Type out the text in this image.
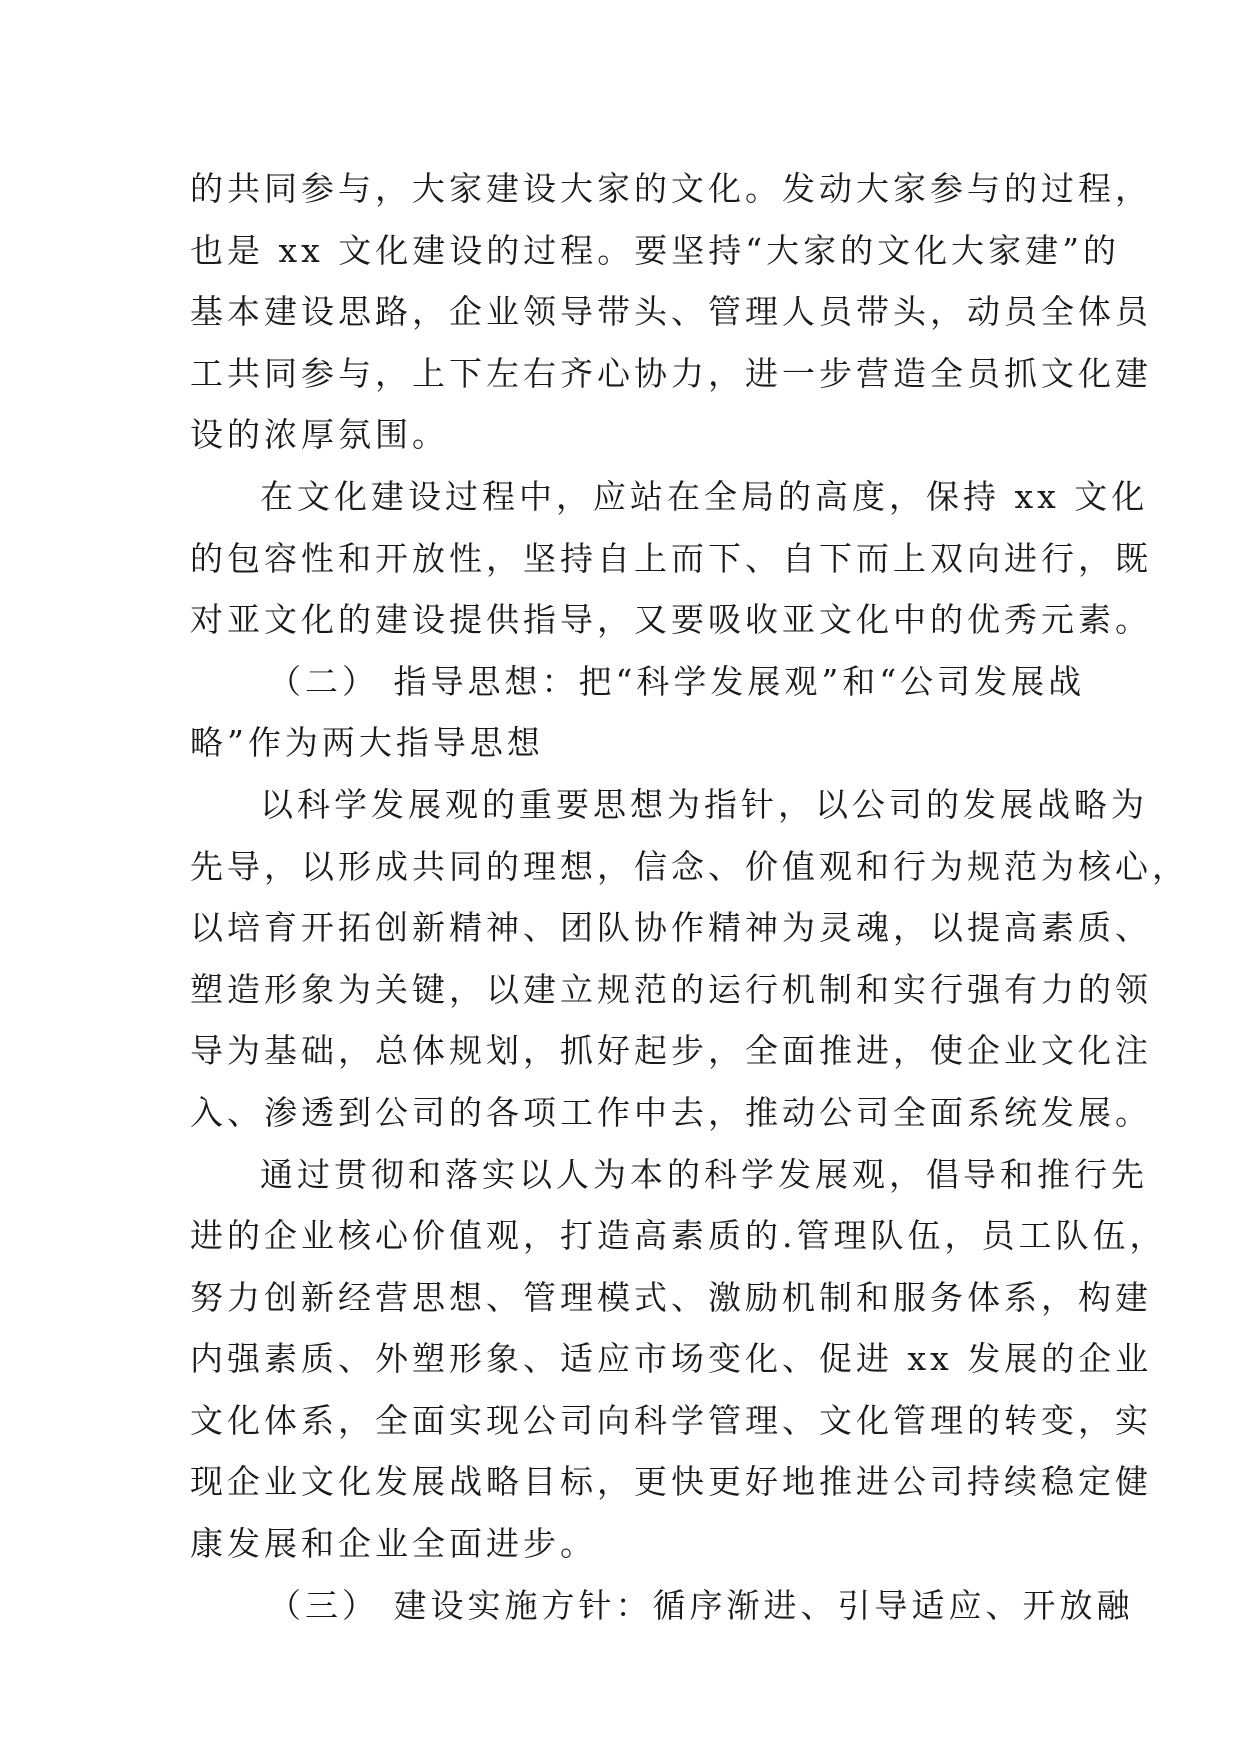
的共同参与，大家建设大家的文化。发动大家参与的过程，
也是 xx 文化建设的过程。要坚持“大家的文化大家建”的
基本建设思路，企业领导带头、管理人员带头，动员全体员
工共同参与，上下左右齐心协力，进一步营造全员抓文化建
设的浓厚氛围。
在文化建设过程中，应站在全局的高度，保持 xx 文化
的包容性和开放性，坚持自上而下、自下而上双向进行，既
对亚文化的建设提供指导，又要吸收亚文化中的优秀元素。
（二） 指导思想：把“科学发展观”和“公司发展战
略”作为两大指导思想
以科学发展观的重要思想为指针，以公司的发展战略为
先导，以形成共同的理想，信念、价值观和行为规范为核心，
以培育开拓创新精神、团队协作精神为灵魂，以提高素质、
塑造形象为关键，以建立规范的运行机制和实行强有力的领
导为基础，总体规划，抓好起步，全面推进，使企业文化注
入、渗透到公司的各项工作中去，推动公司全面系统发展。
通过贯彻和落实以人为本的科学发展观，倡导和推行先
进的企业核心价值观，打造高素质的.管理队伍，员工队伍，
努力创新经营思想、管理模式、激励机制和服务体系，构建
内强素质、外塑形象、适应市场变化、促进 xx 发展的企业
文化体系，全面实现公司向科学管理、文化管理的转变，实
现企业文化发展战略目标，更快更好地推进公司持续稳定健
康发展和企业全面进步。
（三） 建设实施方针：循序渐进、引导适应、开放融
